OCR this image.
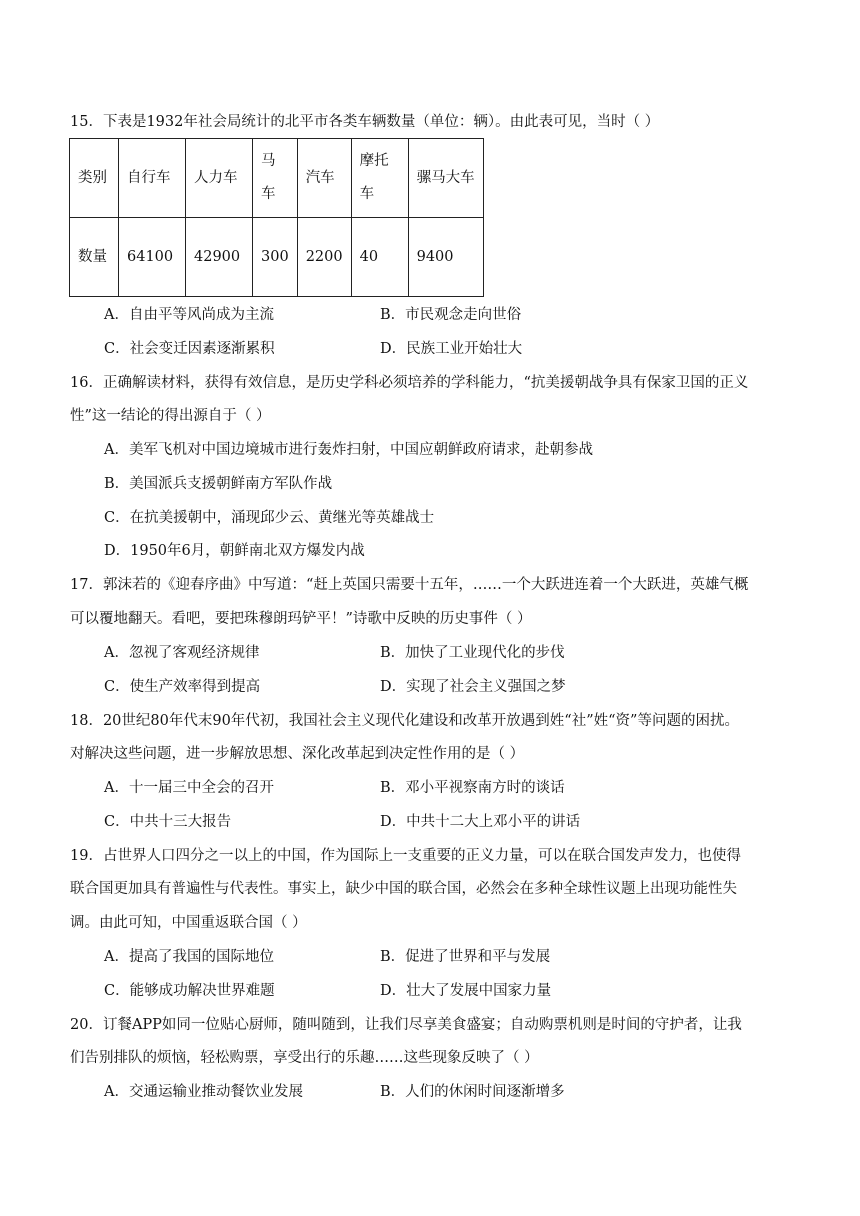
15．下表是1932年社会局统计的北平市各类车辆数量（单位：辆）。由此表可见，当时（ ）
类别	自行车	人力车	马车	汽车	摩托车	骡马大车
数量	64100	42900	300	2200	40	9400
A．自由平等风尚成为主流	B．市民观念走向世俗
C．社会变迁因素逐渐累积	D．民族工业开始壮大
16．正确解读材料，获得有效信息，是历史学科必须培养的学科能力，“抗美援朝战争具有保家卫国的正义
性”这一结论的得出源自于（ ）
A．美军飞机对中国边境城市进行轰炸扫射，中国应朝鲜政府请求，赴朝参战
B．美国派兵支援朝鲜南方军队作战
C．在抗美援朝中，涌现邱少云、黄继光等英雄战士
D．1950年6月，朝鲜南北双方爆发内战
17．郭沫若的《迎春序曲》中写道：“赶上英国只需要十五年，……一个大跃进连着一个大跃进，英雄气概
可以覆地翻天。看吧，要把珠穆朗玛铲平！”诗歌中反映的历史事件（ ）
A．忽视了客观经济规律	B．加快了工业现代化的步伐
C．使生产效率得到提高	D．实现了社会主义强国之梦
18．20世纪80年代末90年代初，我国社会主义现代化建设和改革开放遇到姓“社”姓“资”等问题的困扰。
对解决这些问题，进一步解放思想、深化改革起到决定性作用的是（ ）
A．十一届三中全会的召开	B．邓小平视察南方时的谈话
C．中共十三大报告	D．中共十二大上邓小平的讲话
19．占世界人口四分之一以上的中国，作为国际上一支重要的正义力量，可以在联合国发声发力，也使得
联合国更加具有普遍性与代表性。事实上，缺少中国的联合国，必然会在多种全球性议题上出现功能性失
调。由此可知，中国重返联合国（ ）
A．提高了我国的国际地位	B．促进了世界和平与发展
C．能够成功解决世界难题	D．壮大了发展中国家力量
20．订餐APP如同一位贴心厨师，随叫随到，让我们尽享美食盛宴；自动购票机则是时间的守护者，让我
们告别排队的烦恼，轻松购票，享受出行的乐趣……这些现象反映了（ ）
A．交通运输业推动餐饮业发展	B．人们的休闲时间逐渐增多
